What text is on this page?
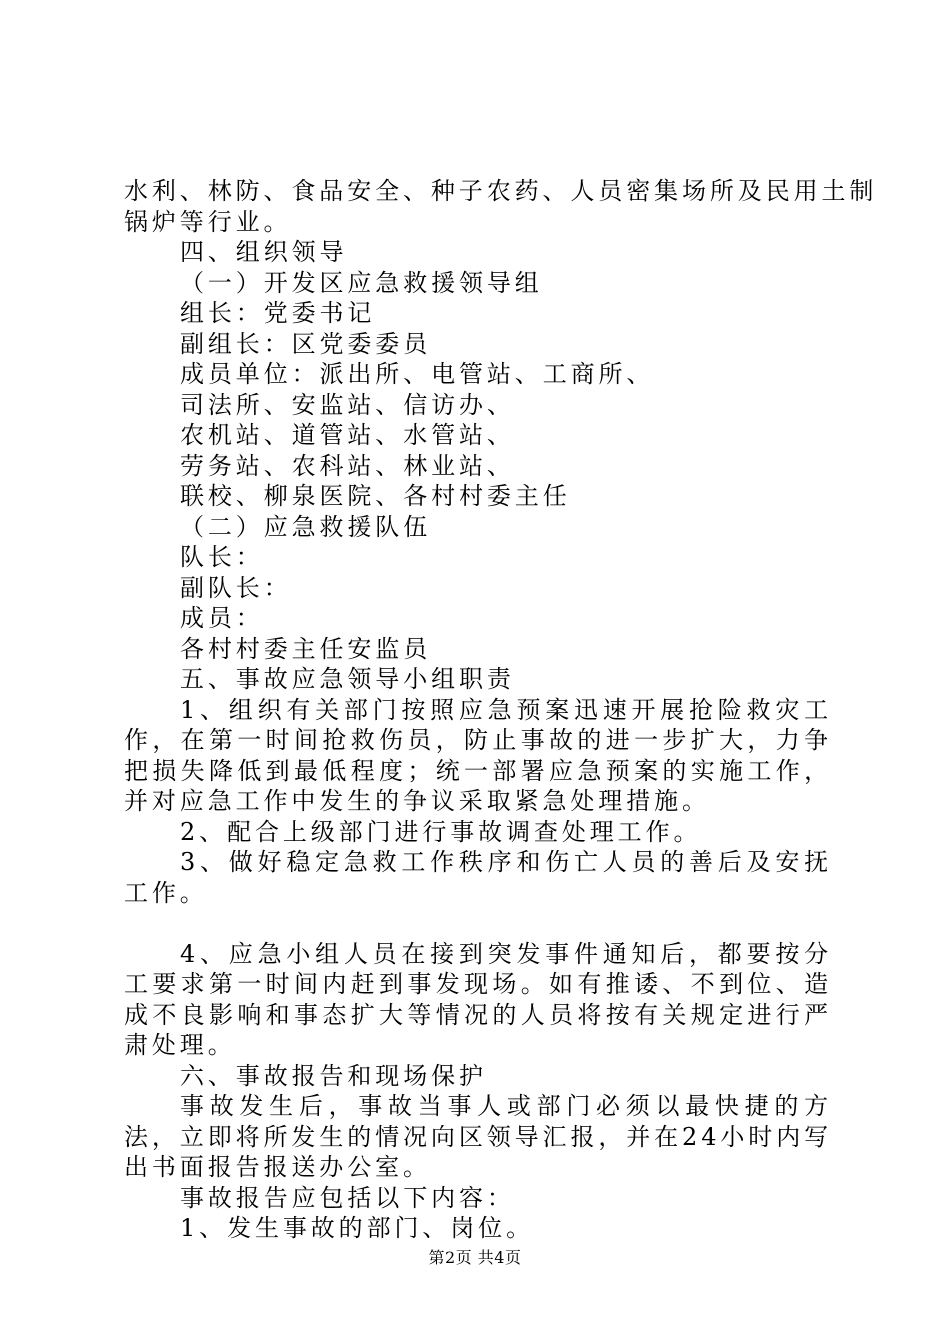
水利、林防、食品安全、种子农药、人员密集场所及民用土制
锅炉等行业。
四、组织领导
（一）开发区应急救援领导组
组长：党委书记
副组长：区党委委员
成员单位：派出所、电管站、工商所、
司法所、安监站、信访办、
农机站、道管站、水管站、
劳务站、农科站、林业站、
联校、柳泉医院、各村村委主任
（二）应急救援队伍
队长：
副队长：
成员：
各村村委主任安监员
五、事故应急领导小组职责
1、组织有关部门按照应急预案迅速开展抢险救灾工作，在第一时间抢救伤员，防止事故的进一步扩大，力争把损失降低到最低程度；统一部署应急预案的实施工作，并对应急工作中发生的争议采取紧急处理措施。
2、配合上级部门进行事故调查处理工作。
3、做好稳定急救工作秩序和伤亡人员的善后及安抚工作。
4、应急小组人员在接到突发事件通知后，都要按分工要求第一时间内赶到事发现场。如有推诿、不到位、造成不良影响和事态扩大等情况的人员将按有关规定进行严肃处理。
六、事故报告和现场保护
事故发生后，事故当事人或部门必须以最快捷的方法，立即将所发生的情况向区领导汇报，并在24小时内写出书面报告报送办公室。
事故报告应包括以下内容：
1、发生事故的部门、岗位。
第2页 共4页
